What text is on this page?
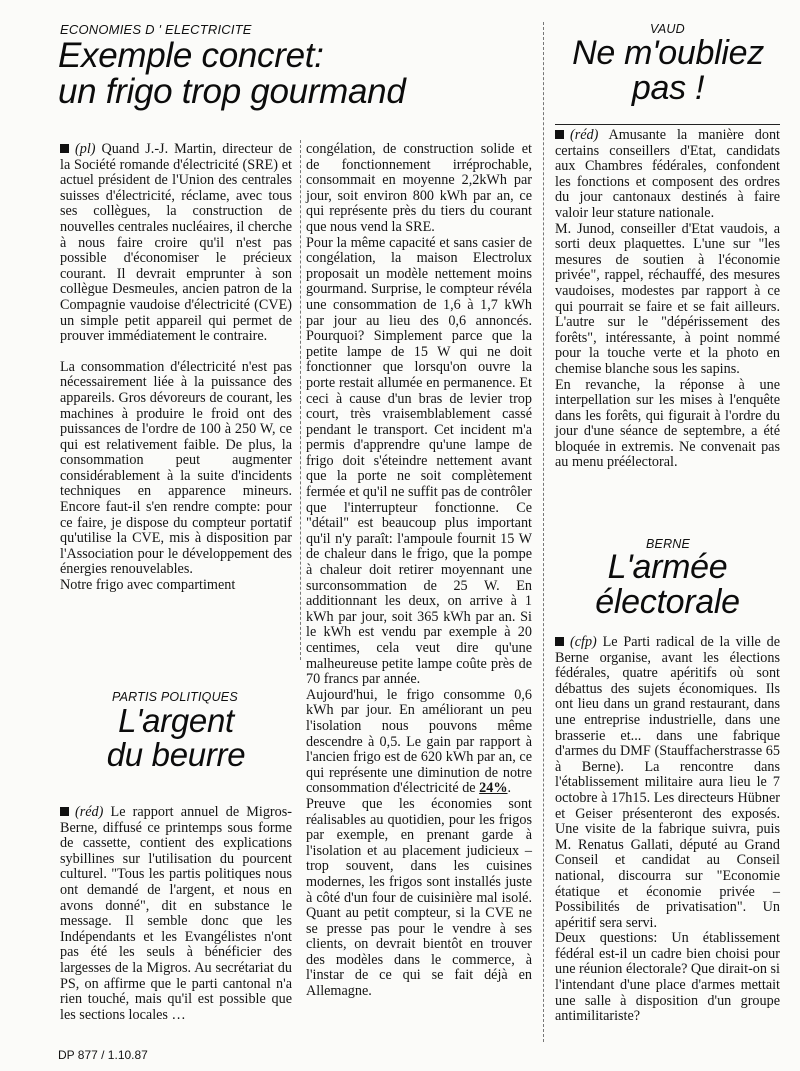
ECONOMIES D ' ELECTRICITE
Exemple concret:
un frigo trop gourmand

(pl) Quand J.-J. Martin, directeur de la Société romande d'électricité (SRE) et actuel président de l'Union des centrales suisses d'électricité, réclame, avec tous ses collègues, la construction de nouvelles centrales nucléaires, il cherche à nous faire croire qu'il n'est pas possible d'économiser le précieux courant. Il devrait emprunter à son collègue Desmeules, ancien patron de la Compagnie vaudoise d'électricité (CVE) un simple petit appareil qui permet de prouver immédiatement le contraire.

La consommation d'électricité n'est pas nécessairement liée à la puissance des appareils. Gros dévoreurs de courant, les machines à produire le froid ont des puissances de l'ordre de 100 à 250 W, ce qui est relativement faible. De plus, la consommation peut augmenter considérablement à la suite d'incidents techniques en apparence mineurs. Encore faut-il s'en rendre compte: pour ce faire, je dispose du compteur portatif qu'utilise la CVE, mis à disposition par l'Association pour le développement des énergies renouvelables.

Notre frigo avec compartiment

congélation, de construction solide et de fonctionnement irréprochable, consommait en moyenne 2,2kWh par jour, soit environ 800 kWh par an, ce qui représente près du tiers du courant que nous vend la SRE.

Pour la même capacité et sans casier de congélation, la maison Electrolux proposait un modèle nettement moins gourmand. Surprise, le compteur révéla une consommation de 1,6 à 1,7 kWh par jour au lieu des 0,6 annoncés. Pourquoi? Simplement parce que la petite lampe de 15 W qui ne doit fonctionner que lorsqu'on ouvre la porte restait allumée en permanence. Et ceci à cause d'un bras de levier trop court, très vraisemblablement cassé pendant le transport. Cet incident m'a permis d'apprendre qu'une lampe de frigo doit s'éteindre nettement avant que la porte ne soit complètement fermée et qu'il ne suffit pas de contrôler que l'interrupteur fonctionne. Ce "détail" est beaucoup plus important qu'il n'y paraît: l'ampoule fournit 15 W de chaleur dans le frigo, que la pompe à chaleur doit retirer moyennant une surconsommation de 25 W. En additionnant les deux, on arrive à 1 kWh par jour, soit 365 kWh par an. Si le kWh est vendu par exemple à 20 centimes, cela veut dire qu'une malheureuse petite lampe coûte près de 70 francs par année.

Aujourd'hui, le frigo consomme 0,6 kWh par jour. En améliorant un peu l'isolation nous pouvons même descendre à 0,5. Le gain par rapport à l'ancien frigo est de 620 kWh par an, ce qui représente une diminution de notre consommation d'électricité de 24%.

Preuve que les économies sont réalisables au quotidien, pour les frigos par exemple, en prenant garde à l'isolation et au placement judicieux – trop souvent, dans les cuisines modernes, les frigos sont installés juste à côté d'un four de cuisinière mal isolé. Quant au petit compteur, si la CVE ne se presse pas pour le vendre à ses clients, on devrait bientôt en trouver des modèles dans le commerce, à l'instar de ce qui se fait déjà en Allemagne.

PARTIS POLITIQUES
L'argent
du beurre

(réd) Le rapport annuel de Migros-Berne, diffusé ce printemps sous forme de cassette, contient des explications sybillines sur l'utilisation du pourcent culturel. "Tous les partis politiques nous ont demandé de l'argent, et nous en avons donné", dit en substance le message. Il semble donc que les Indépendants et les Evangélistes n'ont pas été les seuls à bénéficier des largesses de la Migros. Au secrétariat du PS, on affirme que le parti cantonal n'a rien touché, mais qu'il est possible que les sections locales …

VAUD
Ne m'oubliez
pas !

(réd) Amusante la manière dont certains conseillers d'Etat, candidats aux Chambres fédérales, confondent les fonctions et composent des ordres du jour cantonaux destinés à faire valoir leur stature nationale.

M. Junod, conseiller d'Etat vaudois, a sorti deux plaquettes. L'une sur "les mesures de soutien à l'économie privée", rappel, réchauffé, des mesures vaudoises, modestes par rapport à ce qui pourrait se faire et se fait ailleurs. L'autre sur le "dépérissement des forêts", intéressante, à point nommé pour la touche verte et la photo en chemise blanche sous les sapins.

En revanche, la réponse à une interpellation sur les mises à l'enquête dans les forêts, qui figurait à l'ordre du jour d'une séance de septembre, a été bloquée in extremis. Ne convenait pas au menu préélectoral.

BERNE
L'armée
électorale

(cfp) Le Parti radical de la ville de Berne organise, avant les élections fédérales, quatre apéritifs où sont débattus des sujets économiques. Ils ont lieu dans un grand restaurant, dans une entreprise industrielle, dans une brasserie et... dans une fabrique d'armes du DMF (Stauffacherstrasse 65 à Berne). La rencontre dans l'établissement militaire aura lieu le 7 octobre à 17h15. Les directeurs Hübner et Geiser présenteront des exposés. Une visite de la fabrique suivra, puis M. Renatus Gallati, député au Grand Conseil et candidat au Conseil national, discourra sur "Economie étatique et économie privée – Possibilités de privatisation". Un apéritif sera servi.

Deux questions: Un établissement fédéral est-il un cadre bien choisi pour une réunion électorale? Que dirait-on si l'intendant d'une place d'armes mettait une salle à disposition d'un groupe antimilitariste?

DP 877 / 1.10.87
